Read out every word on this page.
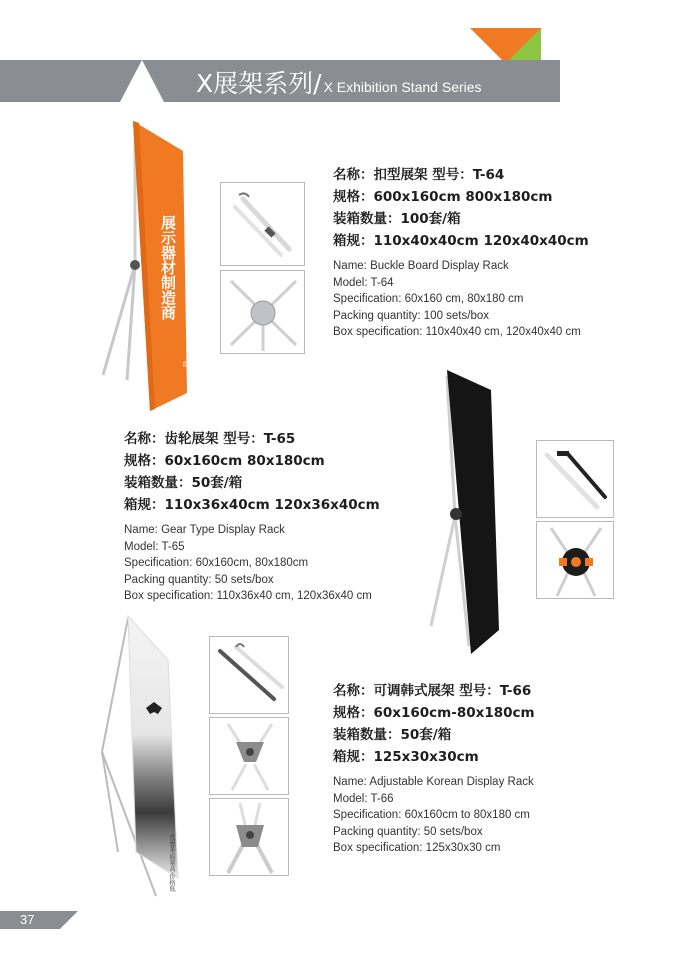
X展架系列/ X Exhibition Stand Series
展示器材制造商
优惠多·质量高·价格低
名称：扣型展架 型号：T-64
规格：600x160cm 800x180cm
装箱数量：100套/箱
箱规：110x40x40cm 120x40x40cm
Name: Buckle Board Display Rack
Model: T-64
Specification: 60x160 cm, 80x180 cm
Packing quantity: 100 sets/box
Box specification: 110x40x40 cm, 120x40x40 cm
名称：齿轮展架 型号：T-65
规格：60x160cm 80x180cm
装箱数量：50套/箱
箱规：110x36x40cm 120x36x40cm
Name: Gear Type Display Rack
Model: T-65
Specification: 60x160cm, 80x180cm
Packing quantity: 50 sets/box
Box specification: 110x36x40 cm, 120x36x40 cm
优惠多·质量高·价格低
名称：可调韩式展架 型号：T-66
规格：60x160cm-80x180cm
装箱数量：50套/箱
箱规：125x30x30cm
Name: Adjustable Korean Display Rack
Model: T-66
Specification: 60x160cm to 80x180 cm
Packing quantity: 50 sets/box
Box specification: 125x30x30 cm
37
